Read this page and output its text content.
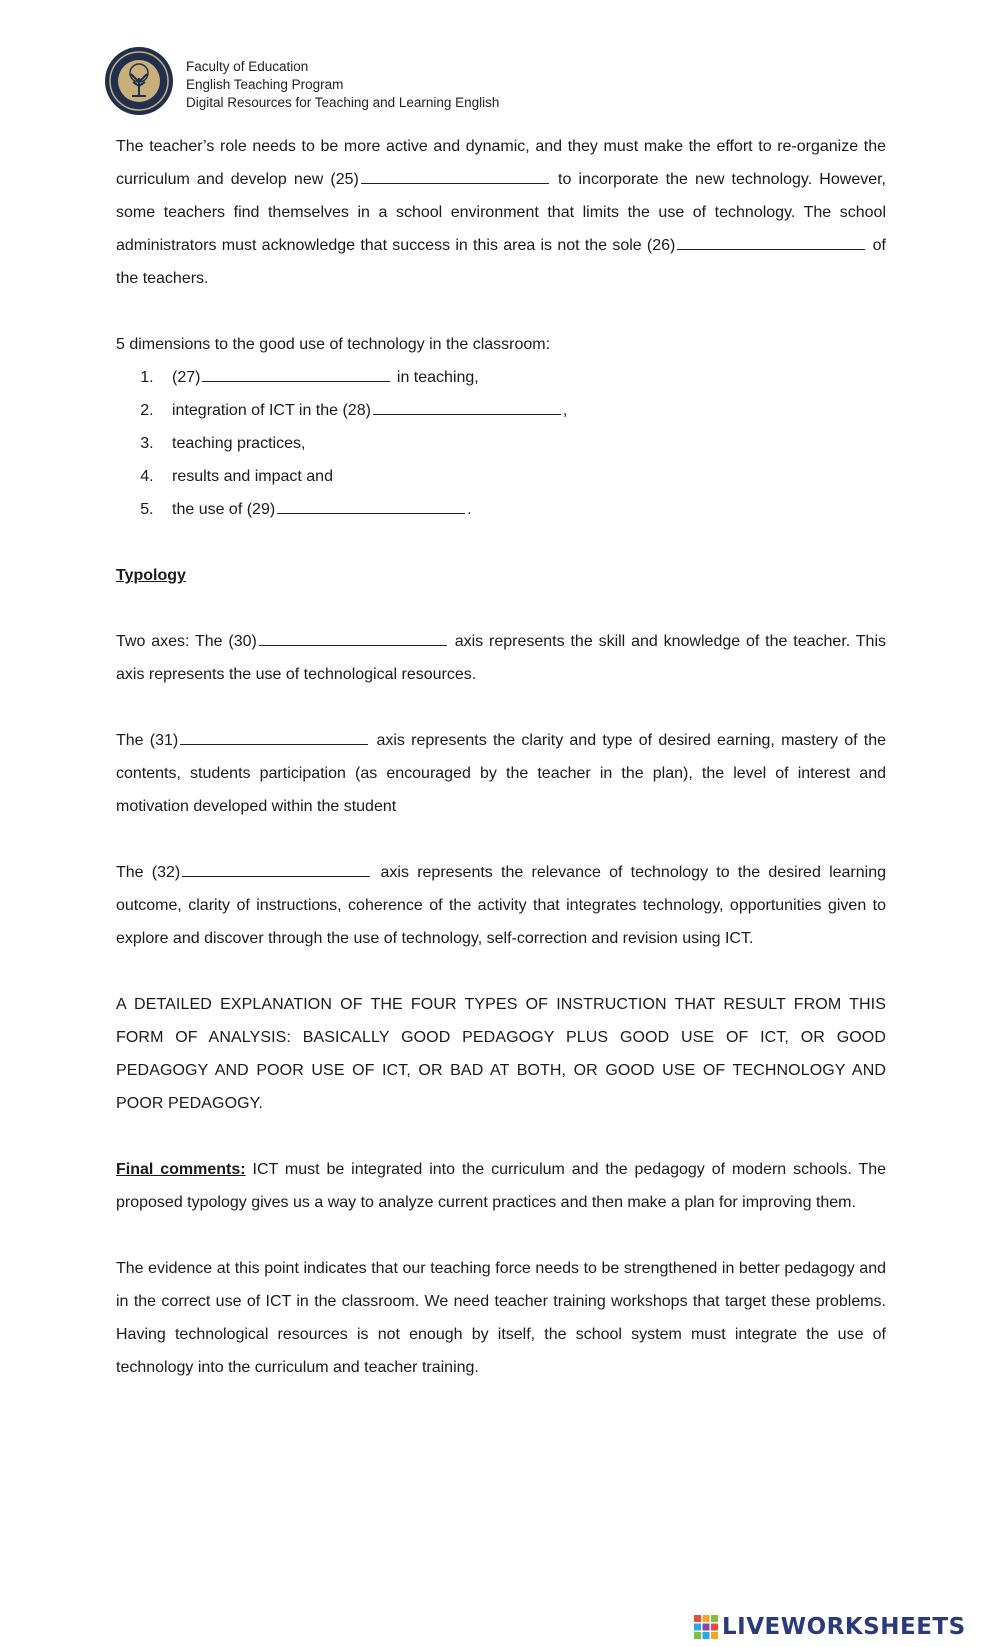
Faculty of Education
English Teaching Program
Digital Resources for Teaching and Learning English

The teacher’s role needs to be more active and dynamic, and they must make the effort to re-organize the curriculum and develop new (25)	to incorporate the new technology. However, some teachers find themselves in a school environment that limits the use of technology. The school administrators must acknowledge that success in this area is not the sole (26)	of the teachers.

5 dimensions to the good use of technology in the classroom:

1. (27)	in teaching,
2. integration of ICT in the (28)	,
3. teaching practices,
4. results and impact and
5. the use of (29)	.

Typology

Two axes: The (30)	axis represents the skill and knowledge of the teacher. This axis represents the use of technological resources.

The (31)	axis represents the clarity and type of desired earning, mastery of the contents, students participation (as encouraged by the teacher in the plan), the level of interest and motivation developed within the student

The (32)	axis represents the relevance of technology to the desired learning outcome, clarity of instructions, coherence of the activity that integrates technology, opportunities given to explore and discover through the use of technology, self-correction and revision using ICT.

A DETAILED EXPLANATION OF THE FOUR TYPES OF INSTRUCTION THAT RESULT FROM THIS FORM OF ANALYSIS: BASICALLY GOOD PEDAGOGY PLUS GOOD USE OF ICT, OR GOOD PEDAGOGY AND POOR USE OF ICT, OR BAD AT BOTH, OR GOOD USE OF TECHNOLOGY AND POOR PEDAGOGY.

Final comments: ICT must be integrated into the curriculum and the pedagogy of modern schools. The proposed typology gives us a way to analyze current practices and then make a plan for improving them.

The evidence at this point indicates that our teaching force needs to be strengthened in better pedagogy and in the correct use of ICT in the classroom. We need teacher training workshops that target these problems. Having technological resources is not enough by itself, the school system must integrate the use of technology into the curriculum and teacher training.

LIVEWORKSHEETS
